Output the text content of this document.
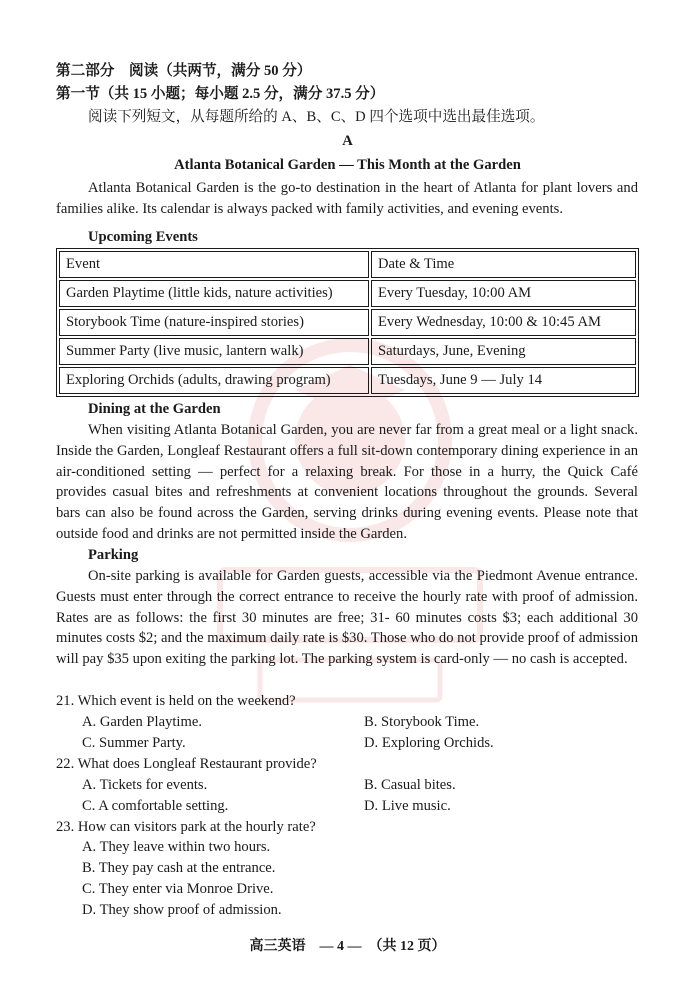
第二部分　阅读（共两节，满分 50 分）
第一节（共 15 小题；每小题 2.5 分，满分 37.5 分）
阅读下列短文，从每题所给的 A、B、C、D 四个选项中选出最佳选项。
A
Atlanta Botanical Garden — This Month at the Garden
Atlanta Botanical Garden is the go-to destination in the heart of Atlanta for plant lovers and families alike. Its calendar is always packed with family activities, and evening events.
Upcoming Events
Event	Date & Time
Garden Playtime (little kids, nature activities)	Every Tuesday, 10:00 AM
Storybook Time (nature-inspired stories)	Every Wednesday, 10:00 & 10:45 AM
Summer Party (live music, lantern walk)	Saturdays, June, Evening
Exploring Orchids (adults, drawing program)	Tuesdays, June 9 — July 14
Dining at the Garden
When visiting Atlanta Botanical Garden, you are never far from a great meal or a light snack. Inside the Garden, Longleaf Restaurant offers a full sit-down contemporary dining experience in an air-conditioned setting — perfect for a relaxing break. For those in a hurry, the Quick Café provides casual bites and refreshments at convenient locations throughout the grounds. Several bars can also be found across the Garden, serving drinks during evening events. Please note that outside food and drinks are not permitted inside the Garden.
Parking
On-site parking is available for Garden guests, accessible via the Piedmont Avenue entrance. Guests must enter through the correct entrance to receive the hourly rate with proof of admission. Rates are as follows: the first 30 minutes are free; 31- 60 minutes costs $3; each additional 30 minutes costs $2; and the maximum daily rate is $30. Those who do not provide proof of admission will pay $35 upon exiting the parking lot. The parking system is card-only — no cash is accepted.
21. Which event is held on the weekend?
A. Garden Playtime.	B. Storybook Time.
C. Summer Party.	D. Exploring Orchids.
22. What does Longleaf Restaurant provide?
A. Tickets for events.	B. Casual bites.
C. A comfortable setting.	D. Live music.
23. How can visitors park at the hourly rate?
A. They leave within two hours.
B. They pay cash at the entrance.
C. They enter via Monroe Drive.
D. They show proof of admission.
高三英语　— 4 —　（共 12 页）
